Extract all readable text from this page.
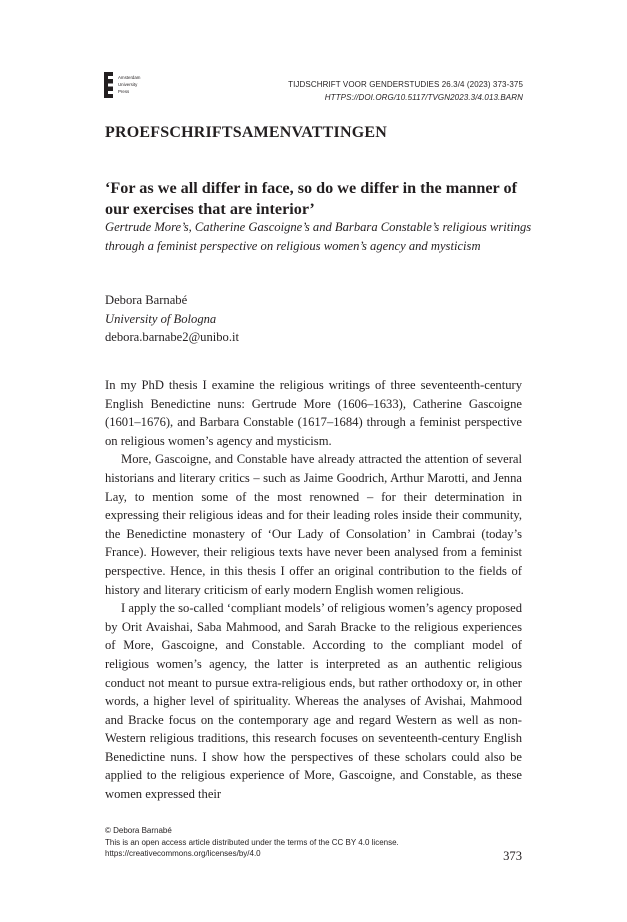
Amsterdam
University
Press
TIJDSCHRIFT VOOR GENDERSTUDIES 26.3/4 (2023) 373-375
HTTPS://DOI.ORG/10.5117/TVGN2023.3/4.013.BARN
PROEFSCHRIFTSAMENVATTINGEN
‘For as we all differ in face, so do we differ in the manner of our exercises that are interior’
Gertrude More’s, Catherine Gascoigne’s and Barbara Constable’s religious writings through a feminist perspective on religious women’s agency and mysticism
Debora Barnabé
University of Bologna
debora.barnabe2@unibo.it

In my PhD thesis I examine the religious writings of three seventeenth-century English Benedictine nuns: Gertrude More (1606–1633), Catherine Gascoigne (1601–1676), and Barbara Constable (1617–1684) through a feminist perspective on religious women’s agency and mysticism.

More, Gascoigne, and Constable have already attracted the attention of several historians and literary critics – such as Jaime Goodrich, Arthur Marotti, and Jenna Lay, to mention some of the most renowned – for their determination in expressing their religious ideas and for their leading roles inside their community, the Benedictine monastery of ‘Our Lady of Consolation’ in Cambrai (today’s France). However, their religious texts have never been analysed from a feminist perspective. Hence, in this thesis I offer an original contribution to the fields of history and literary criticism of early modern English women religious.

I apply the so-called ‘compliant models’ of religious women’s agency proposed by Orit Avaishai, Saba Mahmood, and Sarah Bracke to the religious experiences of More, Gascoigne, and Constable. According to the compliant model of religious women’s agency, the latter is interpreted as an authentic religious conduct not meant to pursue extra-religious ends, but rather orthodoxy or, in other words, a higher level of spirituality. Whereas the analyses of Avishai, Mahmood and Bracke focus on the contemporary age and regard Western as well as non-Western religious traditions, this research focuses on seventeenth-century English Benedictine nuns. I show how the perspectives of these scholars could also be applied to the religious experience of More, Gascoigne, and Constable, as these women expressed their

© Debora Barnabé
This is an open access article distributed under the terms of the CC BY 4.0 license.
https://creativecommons.org/licenses/by/4.0	373
